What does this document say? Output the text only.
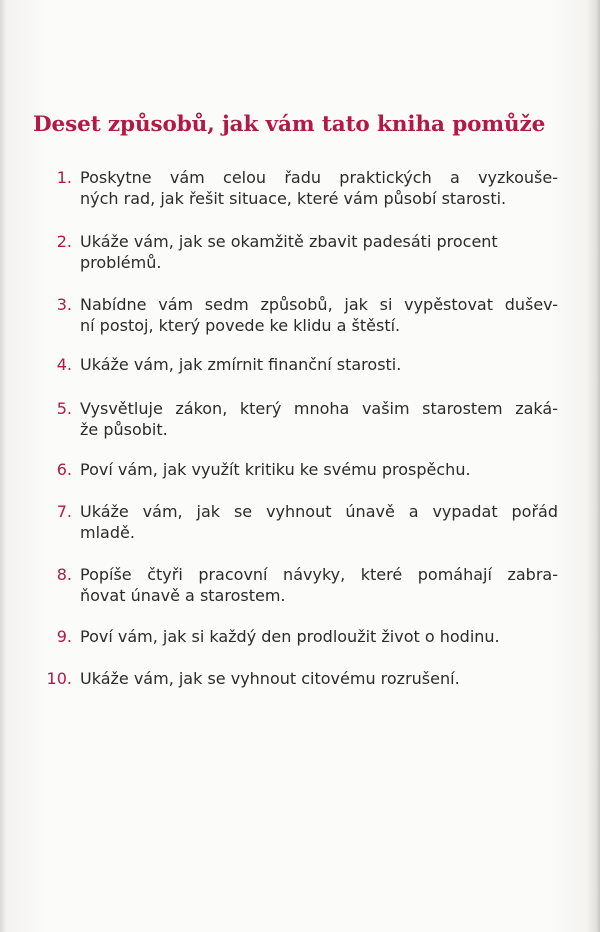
Deset způsobů, jak vám tato kniha pomůže
1. Poskytne vám celou řadu praktických a vyzkouše-
ných rad, jak řešit situace, které vám působí starosti.
2. Ukáže vám, jak se okamžitě zbavit padesáti procent
problémů.
3. Nabídne vám sedm způsobů, jak si vypěstovat dušev-
ní postoj, který povede ke klidu a štěstí.
4. Ukáže vám, jak zmírnit finanční starosti.
5. Vysvětluje zákon, který mnoha vašim starostem zaká-
že působit.
6. Poví vám, jak využít kritiku ke svému prospěchu.
7. Ukáže vám, jak se vyhnout únavě a vypadat pořád
mladě.
8. Popíše čtyři pracovní návyky, které pomáhají zabra-
ňovat únavě a starostem.
9. Poví vám, jak si každý den prodloužit život o hodinu.
10. Ukáže vám, jak se vyhnout citovému rozrušení.
